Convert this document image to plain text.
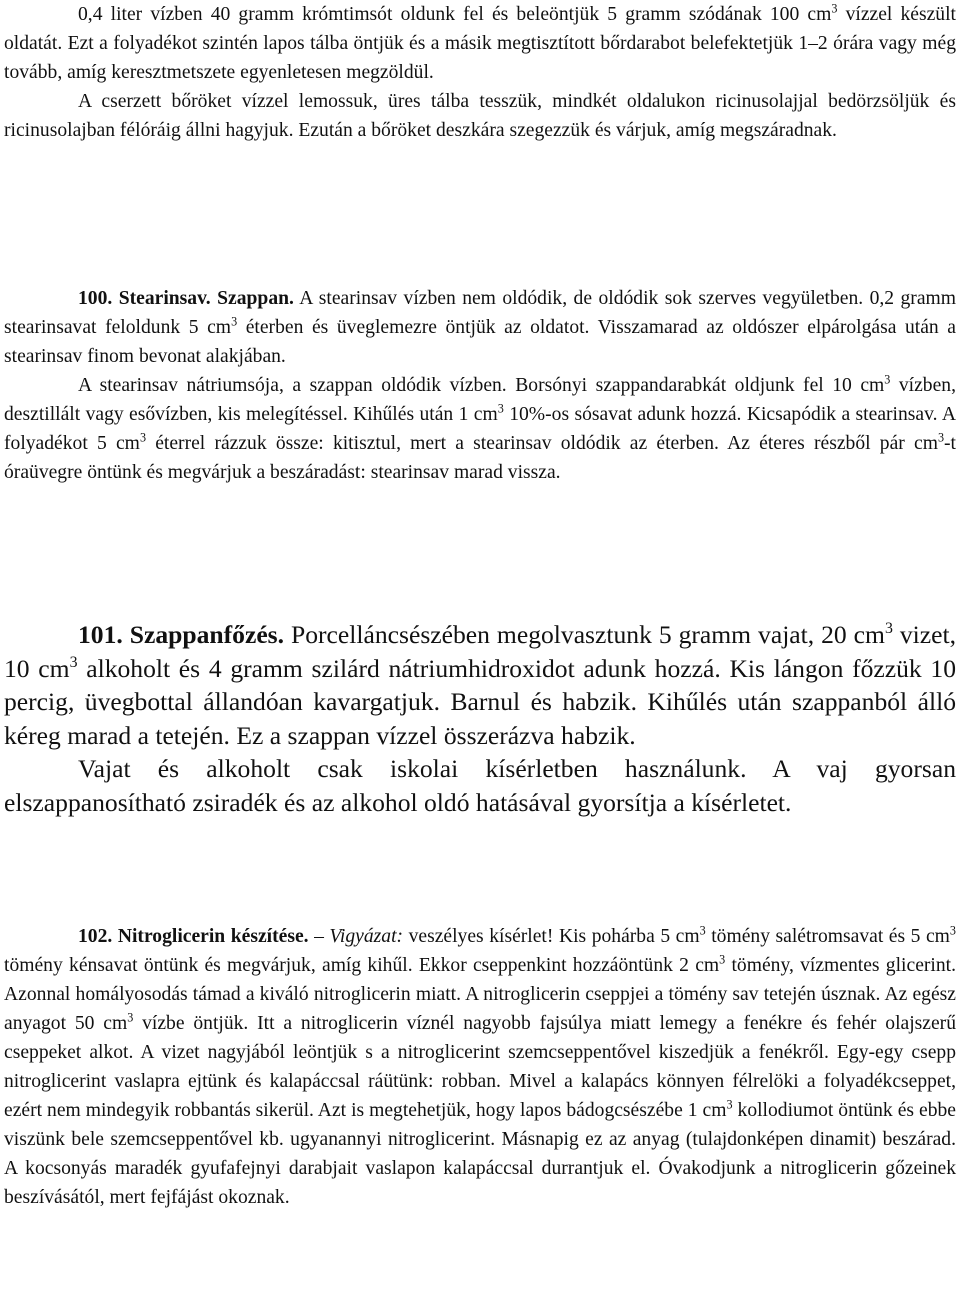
0,4 liter vízben 40 gramm krómtimsót oldunk fel és beleöntjük 5 gramm szódának 100 $cm^3$ vízzel készült oldatát. Ezt a folyadékot szintén lapos tálba öntjük és a másik megtisztított bőrdarabot belefektetjük 1–2 órára vagy még tovább, amíg keresztmetszete egyenletesen megzöldül.

A cserzett bőröket vízzel lemossuk, üres tálba tesszük, mindkét oldalukon ricinusolajjal bedörzsöljük és ricinusolajban félóráig állni hagyjuk. Ezután a bőröket deszkára szegezzük és várjuk, amíg megszáradnak.

100. Stearinsav. Szappan. A stearinsav vízben nem oldódik, de oldódik sok szerves vegyületben. 0,2 gramm stearinsavat feloldunk 5 $cm^3$ éterben és üveglemezre öntjük az oldatot. Visszamarad az oldószer elpárolgása után a stearinsav finom bevonat alakjában.

A stearinsav nátriumsója, a szappan oldódik vízben. Borsónyi szappandarabkát oldjunk fel 10 $cm^3$ vízben, desztillált vagy esővízben, kis melegítéssel. Kihűlés után 1 $cm^3$ 10%-os sósavat adunk hozzá. Kicsapódik a stearinsav. A folyadékot 5 $cm^3$ éterrel rázzuk össze: kitisztul, mert a stearinsav oldódik az éterben. Az éteres részből pár $cm^3-t$ óraüvegre öntünk és megvárjuk a beszáradást: stearinsav marad vissza.

101. Szappanfőzés. Porcelláncsészében megolvasztunk 5 gramm vajat, 20 $cm^3$ vizet, 10 $cm^3$ alkoholt és 4 gramm szilárd nátriumhidroxidot adunk hozzá. Kis lángon főzzük 10 percig, üvegbottal állandóan kavargatjuk. Barnul és habzik. Kihűlés után szappanból álló kéreg marad a tetején. Ez a szappan vízzel összerázva habzik.

Vajat és alkoholt csak iskolai kísérletben használunk. A vaj gyorsan elszappanosítható zsiradék és az alkohol oldó hatásával gyorsítja a kísérletet.

102. Nitroglicerin készítése. – Vigyázat: veszélyes kísérlet! Kis pohárba 5 $cm^3$ tömény salétromsavat és 5 $cm^3$ tömény kénsavat öntünk és megvárjuk, amíg kihűl. Ekkor cseppenkint hozzáöntünk 2 $cm^3$ tömény, vízmentes glicerint. Azonnal homályosodás támad a kiváló nitroglicerin miatt. A nitroglicerin cseppjei a tömény sav tetején úsznak. Az egész anyagot 50 $cm^3$ vízbe öntjük. Itt a nitroglicerin víznél nagyobb fajsúlya miatt lemegy a fenékre és fehér olajszerű cseppeket alkot. A vizet nagyjából leöntjük s a nitroglicerint szemcseppentővel kiszedjük a fenékről. Egy-egy csepp nitroglicerint vaslapra ejtünk és kalapáccsal ráütünk: robban. Mivel a kalapács könnyen félrelöki a folyadékcseppet, ezért nem mindegyik robbantás sikerül. Azt is megtehetjük, hogy lapos bádogcsészébe 1 $cm^3$ kollodiumot öntünk és ebbe viszünk bele szemcseppentővel kb. ugyanannyi nitroglicerint. Másnapig ez az anyag (tulajdonképen dinamit) beszárad. A kocsonyás maradék gyufafejnyi darabjait vaslapon kalapáccsal durrantjuk el. Óvakodjunk a nitroglicerin gőzeinek beszívásától, mert fejfájást okoznak.
